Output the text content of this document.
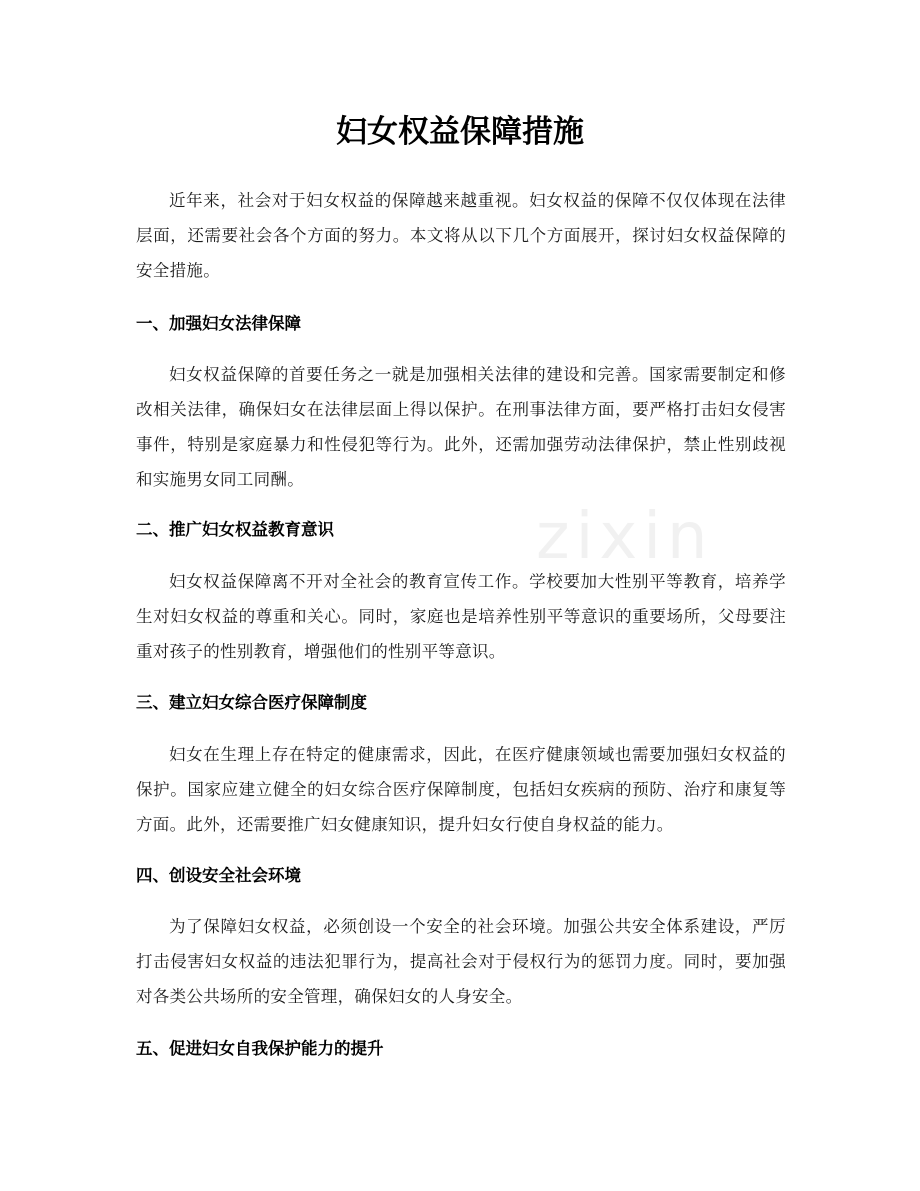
妇女权益保障措施

近年来，社会对于妇女权益的保障越来越重视。妇女权益的保障不仅仅体现在法律层面，还需要社会各个方面的努力。本文将从以下几个方面展开，探讨妇女权益保障的安全措施。

一、加强妇女法律保障

妇女权益保障的首要任务之一就是加强相关法律的建设和完善。国家需要制定和修改相关法律，确保妇女在法律层面上得以保护。在刑事法律方面，要严格打击妇女侵害事件，特别是家庭暴力和性侵犯等行为。此外，还需加强劳动法律保护，禁止性别歧视和实施男女同工同酬。

二、推广妇女权益教育意识

妇女权益保障离不开对全社会的教育宣传工作。学校要加大性别平等教育，培养学生对妇女权益的尊重和关心。同时，家庭也是培养性别平等意识的重要场所，父母要注重对孩子的性别教育，增强他们的性别平等意识。

三、建立妇女综合医疗保障制度

妇女在生理上存在特定的健康需求，因此，在医疗健康领域也需要加强妇女权益的保护。国家应建立健全的妇女综合医疗保障制度，包括妇女疾病的预防、治疗和康复等方面。此外，还需要推广妇女健康知识，提升妇女行使自身权益的能力。

四、创设安全社会环境

为了保障妇女权益，必须创设一个安全的社会环境。加强公共安全体系建设，严厉打击侵害妇女权益的违法犯罪行为，提高社会对于侵权行为的惩罚力度。同时，要加强对各类公共场所的安全管理，确保妇女的人身安全。

五、促进妇女自我保护能力的提升
zixin
